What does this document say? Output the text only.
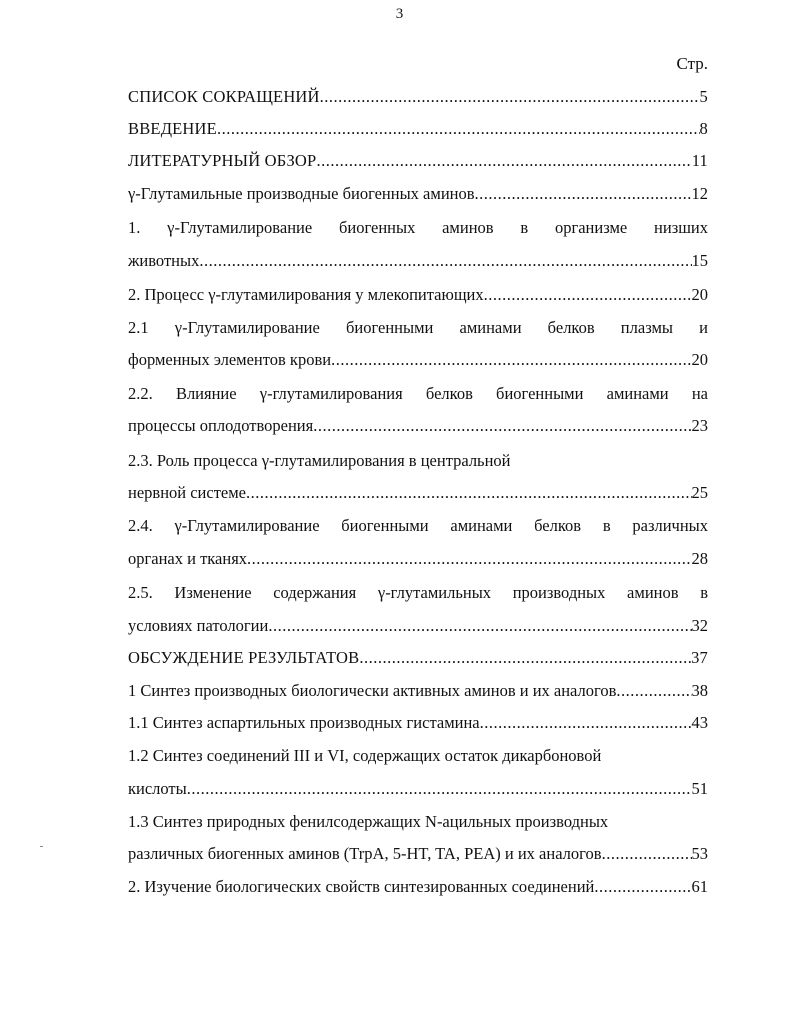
3
Стр.
СПИСОК СОКРАЩЕНИЙ .....	5
ВВЕДЕНИЕ .....	8
ЛИТЕРАТУРНЫЙ ОБЗОР .....	11
γ-Глутамильные производные биогенных аминов .....	12
1. γ-Глутамилирование биогенных аминов в организме низших
животных .....	15
2. Процесс γ-глутамилирования у млекопитающих .....	20
2.1 γ-Глутамилирование биогенными аминами белков плазмы и
форменных элементов крови .....	20
2.2. Влияние γ-глутамилирования белков биогенными аминами на
процессы оплодотворения .....	23
2.3. Роль процесса γ-глутамилирования в центральной
нервной системе .....	25
2.4. γ-Глутамилирование биогенными аминами белков в различных
органах и тканях .....	28
2.5. Изменение содержания γ-глутамильных производных аминов в
условиях патологии .....	32
ОБСУЖДЕНИЕ РЕЗУЛЬТАТОВ .....	37
1 Синтез производных биологически активных аминов и их аналогов .....	38
1.1 Синтез аспартильных производных гистамина .....	43
1.2 Синтез соединений III и VI, содержащих остаток дикарбоновой
кислоты .....	51
1.3 Синтез природных фенилсодержащих N-ацильных производных
различных биогенных аминов (TrpA, 5-HT, TA, PEA) и их аналогов .....	53
2. Изучение биологических свойств синтезированных соединений .....	61
